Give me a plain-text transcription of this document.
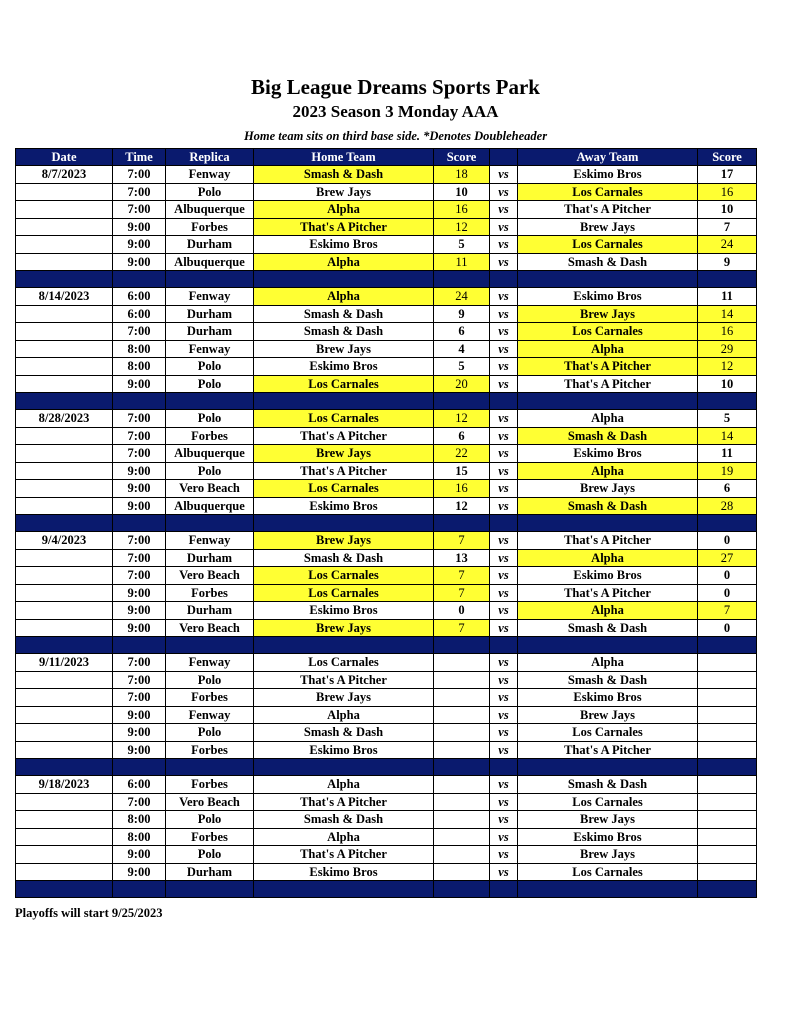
Big League Dreams Sports Park
2023 Season 3 Monday AAA
Home team sits on third base side. *Denotes Doubleheader
Date	Time	Replica	Home Team	Score		Away Team	Score
8/7/2023	7:00	Fenway	Smash & Dash	18	vs	Eskimo Bros	17
	7:00	Polo	Brew Jays	10	vs	Los Carnales	16
	7:00	Albuquerque	Alpha	16	vs	That's A Pitcher	10
	9:00	Forbes	That's A Pitcher	12	vs	Brew Jays	7
	9:00	Durham	Eskimo Bros	5	vs	Los Carnales	24
	9:00	Albuquerque	Alpha	11	vs	Smash & Dash	9

8/14/2023	6:00	Fenway	Alpha	24	vs	Eskimo Bros	11
	6:00	Durham	Smash & Dash	9	vs	Brew Jays	14
	7:00	Durham	Smash & Dash	6	vs	Los Carnales	16
	8:00	Fenway	Brew Jays	4	vs	Alpha	29
	8:00	Polo	Eskimo Bros	5	vs	That's A Pitcher	12
	9:00	Polo	Los Carnales	20	vs	That's A Pitcher	10

8/28/2023	7:00	Polo	Los Carnales	12	vs	Alpha	5
	7:00	Forbes	That's A Pitcher	6	vs	Smash & Dash	14
	7:00	Albuquerque	Brew Jays	22	vs	Eskimo Bros	11
	9:00	Polo	That's A Pitcher	15	vs	Alpha	19
	9:00	Vero Beach	Los Carnales	16	vs	Brew Jays	6
	9:00	Albuquerque	Eskimo Bros	12	vs	Smash & Dash	28

9/4/2023	7:00	Fenway	Brew Jays	7	vs	That's A Pitcher	0
	7:00	Durham	Smash & Dash	13	vs	Alpha	27
	7:00	Vero Beach	Los Carnales	7	vs	Eskimo Bros	0
	9:00	Forbes	Los Carnales	7	vs	That's A Pitcher	0
	9:00	Durham	Eskimo Bros	0	vs	Alpha	7
	9:00	Vero Beach	Brew Jays	7	vs	Smash & Dash	0

9/11/2023	7:00	Fenway	Los Carnales		vs	Alpha	
	7:00	Polo	That's A Pitcher		vs	Smash & Dash	
	7:00	Forbes	Brew Jays		vs	Eskimo Bros	
	9:00	Fenway	Alpha		vs	Brew Jays	
	9:00	Polo	Smash & Dash		vs	Los Carnales	
	9:00	Forbes	Eskimo Bros		vs	That's A Pitcher	

9/18/2023	6:00	Forbes	Alpha		vs	Smash & Dash	
	7:00	Vero Beach	That's A Pitcher		vs	Los Carnales	
	8:00	Polo	Smash & Dash		vs	Brew Jays	
	8:00	Forbes	Alpha		vs	Eskimo Bros	
	9:00	Polo	That's A Pitcher		vs	Brew Jays	
	9:00	Durham	Eskimo Bros		vs	Los Carnales	

Playoffs will start 9/25/2023
